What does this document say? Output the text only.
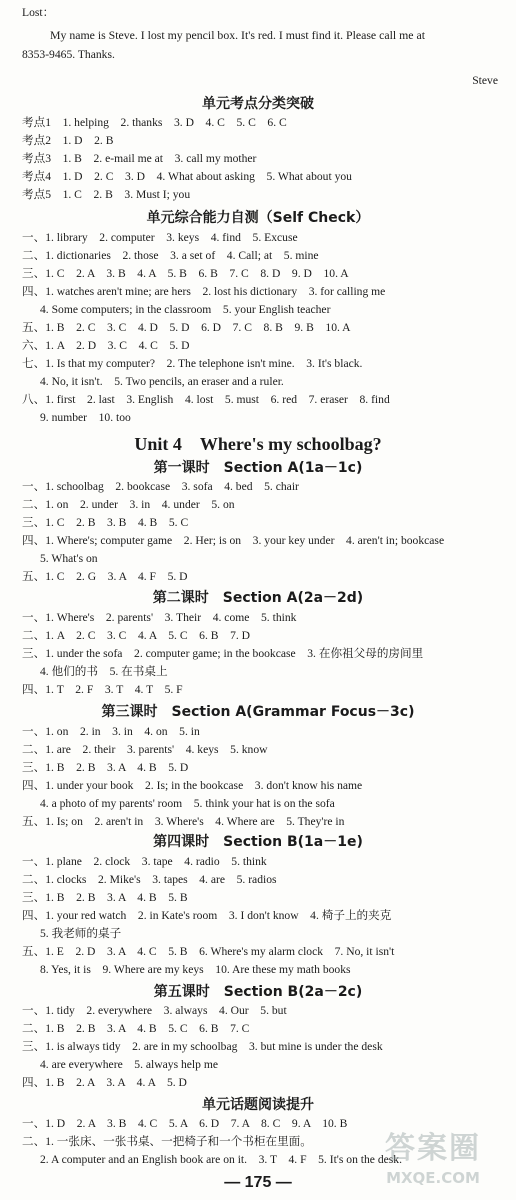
Lost：
My name is Steve. I lost my pencil box. It's red. I must find it. Please call me at
8353-9465. Thanks.
Steve
单元考点分类突破
考点1　1. helping　2. thanks　3. D　4. C　5. C　6. C
考点2　1. D　2. B
考点3　1. B　2. e-mail me at　3. call my mother
考点4　1. D　2. C　3. D　4. What about asking　5. What about you
考点5　1. C　2. B　3. Must I; you
单元综合能力自测（Self Check）
一、1. library　2. computer　3. keys　4. find　5. Excuse
二、1. dictionaries　2. those　3. a set of　4. Call; at　5. mine
三、1. C　2. A　3. B　4. A　5. B　6. B　7. C　8. D　9. D　10. A
四、1. watches aren't mine; are hers　2. lost his dictionary　3. for calling me
4. Some computers; in the classroom　5. your English teacher
五、1. B　2. C　3. C　4. D　5. D　6. D　7. C　8. B　9. B　10. A
六、1. A　2. D　3. C　4. C　5. D
七、1. Is that my computer?　2. The telephone isn't mine.　3. It's black.
4. No, it isn't.　5. Two pencils, an eraser and a ruler.
八、1. first　2. last　3. English　4. lost　5. must　6. red　7. eraser　8. find
9. number　10. too
Unit 4　Where's my schoolbag?
第一课时　Section A(1a－1c)
一、1. schoolbag　2. bookcase　3. sofa　4. bed　5. chair
二、1. on　2. under　3. in　4. under　5. on
三、1. C　2. B　3. B　4. B　5. C
四、1. Where's; computer game　2. Her; is on　3. your key under　4. aren't in; bookcase
5. What's on
五、1. C　2. G　3. A　4. F　5. D
第二课时　Section A(2a－2d)
一、1. Where's　2. parents'　3. Their　4. come　5. think
二、1. A　2. C　3. C　4. A　5. C　6. B　7. D
三、1. under the sofa　2. computer game; in the bookcase　3. 在你祖父母的房间里
4. 他们的书　5. 在书桌上
四、1. T　2. F　3. T　4. T　5. F
第三课时　Section A(Grammar Focus－3c)
一、1. on　2. in　3. in　4. on　5. in
二、1. are　2. their　3. parents'　4. keys　5. know
三、1. B　2. B　3. A　4. B　5. D
四、1. under your book　2. Is; in the bookcase　3. don't know his name
4. a photo of my parents' room　5. think your hat is on the sofa
五、1. Is; on　2. aren't in　3. Where's　4. Where are　5. They're in
第四课时　Section B(1a－1e)
一、1. plane　2. clock　3. tape　4. radio　5. think
二、1. clocks　2. Mike's　3. tapes　4. are　5. radios
三、1. B　2. B　3. A　4. B　5. B
四、1. your red watch　2. in Kate's room　3. I don't know　4. 椅子上的夹克
5. 我老师的桌子
五、1. E　2. D　3. A　4. C　5. B　6. Where's my alarm clock　7. No, it isn't
8. Yes, it is　9. Where are my keys　10. Are these my math books
第五课时　Section B(2a－2c)
一、1. tidy　2. everywhere　3. always　4. Our　5. but
二、1. B　2. B　3. A　4. B　5. C　6. B　7. C
三、1. is always tidy　2. are in my schoolbag　3. but mine is under the desk
4. are everywhere　5. always help me
四、1. B　2. A　3. A　4. A　5. D
单元话题阅读提升
一、1. D　2. A　3. B　4. C　5. A　6. D　7. A　8. C　9. A　10. B
二、1. 一张床、一张书桌、一把椅子和一个书柜在里面。
2. A computer and an English book are on it.　3. T　4. F　5. It's on the desk.
— 175 —
答案圈
MXQE.COM
